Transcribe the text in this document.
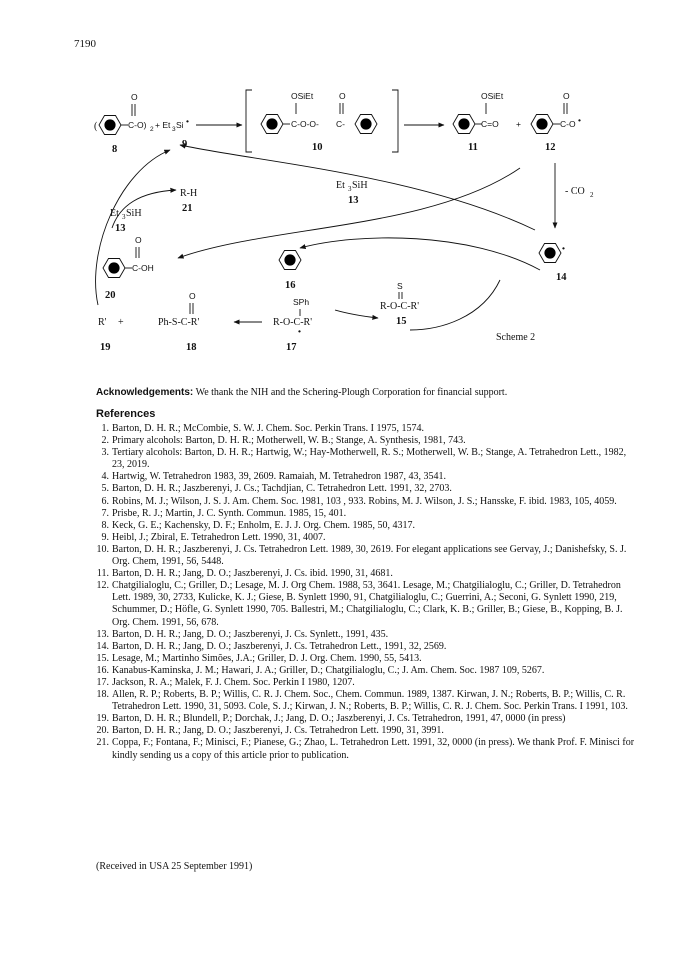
7190
(
O
C-O) 2 + Et 3 Si •
8	9
OSiEt
C-O-O-
O
C-
10
OSiEt
C=O +
11
O
C-O •
12
- CO 2
•
14
Et 3 SiH
13
R-H
21
Et 3 SiH
13
O
C-OH
20
16	S
R-O-C-R'
15
SPh
R-O-C-R'
•
17
O
Ph-S-C-R'
18
R' +
19
Scheme 2
Acknowledgements: We thank the NIH and the Schering-Plough Corporation for financial support.
References
1. Barton, D. H. R.; McCombie, S. W. J. Chem. Soc. Perkin Trans. I 1975, 1574.
2. Primary alcohols: Barton, D. H. R.; Motherwell, W. B.; Stange, A. Synthesis, 1981, 743.
3. Tertiary alcohols: Barton, D. H. R.; Hartwig, W.; Hay-Motherwell, R. S.; Motherwell, W. B.; Stange, A. Tetrahedron Lett., 1982, 23, 2019.
4. Hartwig, W. Tetrahedron 1983, 39, 2609. Ramaiah, M. Tetrahedron 1987, 43, 3541.
5. Barton, D. H. R.; Jaszberenyi, J. Cs.; Tachdjian, C. Tetrahedron Lett. 1991, 32, 2703.
6. Robins, M. J.; Wilson, J. S. J. Am. Chem. Soc. 1981, 103 , 933. Robins, M. J. Wilson, J. S.; Hansske, F. ibid. 1983, 105, 4059.
7. Prisbe, R. J.; Martin, J. C. Synth. Commun. 1985, 15, 401.
8. Keck, G. E.; Kachensky, D. F.; Enholm, E. J. J. Org. Chem. 1985, 50, 4317.
9. Heibl, J.; Zbiral, E. Tetrahedron Lett. 1990, 31, 4007.
10. Barton, D. H. R.; Jaszberenyi, J. Cs. Tetrahedron Lett. 1989, 30, 2619. For elegant applications see Gervay, J.; Danishefsky, S. J. Org. Chem, 1991, 56, 5448.
11. Barton, D. H. R.; Jang, D. O.; Jaszberenyi, J. Cs. ibid. 1990, 31, 4681.
12. Chatgilialoglu, C.; Griller, D.; Lesage, M. J. Org Chem. 1988, 53, 3641. Lesage, M.; Chatgilialoglu, C.; Griller, D. Tetrahedron Lett. 1989, 30, 2733, Kulicke, K. J.; Giese, B. Synlett 1990, 91, Chatgilialoglu, C.; Guerrini, A.; Seconi, G. Synlett 1990, 219, Schummer, D.; Höfle, G. Synlett 1990, 705. Ballestri, M.; Chatgilialoglu, C.; Clark, K. B.; Griller, B.; Giese, B., Kopping, B. J. Org. Chem. 1991, 56, 678.
13. Barton, D. H. R.; Jang, D. O.; Jaszberenyi, J. Cs. Synlett., 1991, 435.
14. Barton, D. H. R.; Jang, D. O.; Jaszberenyi, J. Cs. Tetrahedron Lett., 1991, 32, 2569.
15. Lesage, M.; Martinho Simões, J.A.; Griller, D. J. Org. Chem. 1990, 55, 5413.
16. Kanabus-Kaminska, J. M.; Hawari, J. A.; Griller, D.; Chatgilialoglu, C.; J. Am. Chem. Soc. 1987 109, 5267.
17. Jackson, R. A.; Malek, F. J. Chem. Soc. Perkin I 1980, 1207.
18. Allen, R. P.; Roberts, B. P.; Willis, C. R. J. Chem. Soc., Chem. Commun. 1989, 1387. Kirwan, J. N.; Roberts, B. P.; Willis, C. R. Tetrahedron Lett. 1990, 31, 5093. Cole, S. J.; Kirwan, J. N.; Roberts, B. P.; Willis, C. R. J. Chem. Soc. Perkin Trans. I 1991, 103.
19. Barton, D. H. R.; Blundell, P.; Dorchak, J.; Jang, D. O.; Jaszberenyi, J. Cs. Tetrahedron, 1991, 47, 0000 (in press)
20. Barton, D. H. R.; Jang, D. O.; Jaszberenyi, J. Cs. Tetrahedron Lett. 1990, 31, 3991.
21. Coppa, F.; Fontana, F.; Minisci, F.; Pianese, G.; Zhao, L. Tetrahedron Lett. 1991, 32, 0000 (in press). We thank Prof. F. Minisci for kindly sending us a copy of this article prior to publication.
(Received in USA 25 September 1991)
